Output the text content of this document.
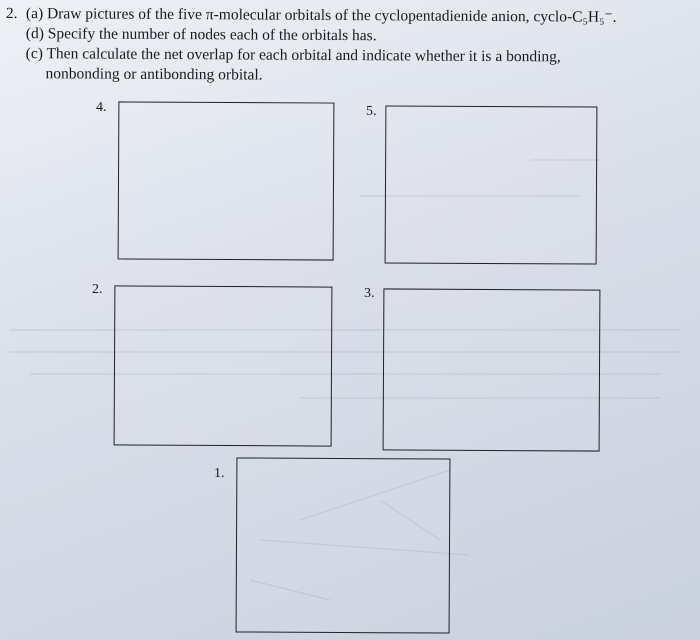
2. (a) Draw pictures of the five π-molecular orbitals of the cyclopentadienide anion, cyclo-C₅H₅⁻.
(d) Specify the number of nodes each of the orbitals has.
(c) Then calculate the net overlap for each orbital and indicate whether it is a bonding,
nonbonding or antibonding orbital.
4.	5.
2.	3.
1.
